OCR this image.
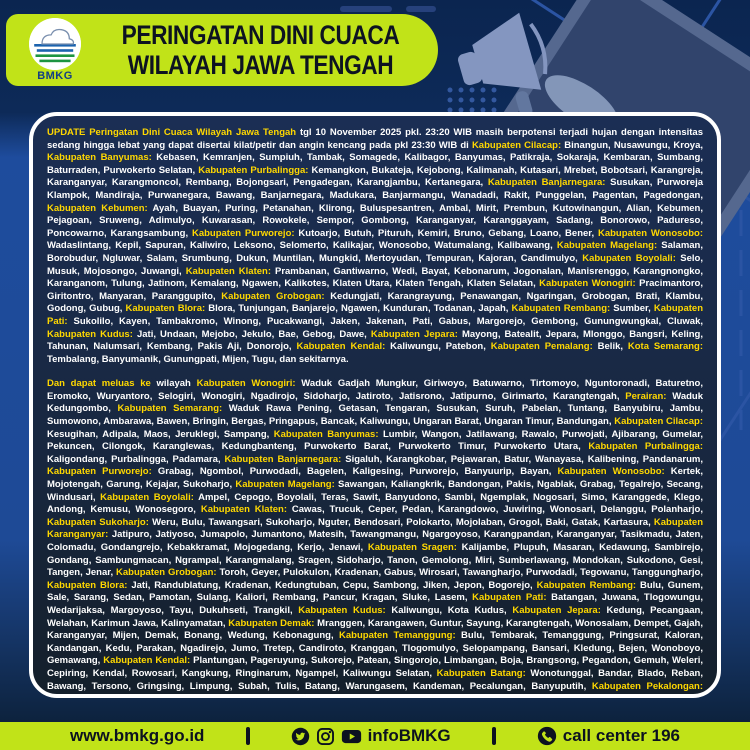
BMKG
PERINGATAN DINI CUACA
WILAYAH JAWA TENGAH

UPDATE Peringatan Dini Cuaca Wilayah Jawa Tengah tgl 10 November 2025 pkl. 23:20 WIB masih berpotensi terjadi hujan dengan intensitas sedang hingga lebat yang dapat disertai kilat/petir dan angin kencang pada pkl 23:30 WIB di Kabupaten Cilacap: Binangun, Nusawungu, Kroya, Kabupaten Banyumas: Kebasen, Kemranjen, Sumpiuh, Tambak, Somagede, Kalibagor, Banyumas, Patikraja, Sokaraja, Kembaran, Sumbang, Baturraden, Purwokerto Selatan, Kabupaten Purbalingga: Kemangkon, Bukateja, Kejobong, Kalimanah, Kutasari, Mrebet, Bobotsari, Karangreja, Karanganyar, Karangmoncol, Rembang, Bojongsari, Pengadegan, Karangjambu, Kertanegara, Kabupaten Banjarnegara: Susukan, Purworeja Klampok, Mandiraja, Purwanegara, Bawang, Banjarnegara, Madukara, Banjarmangu, Wanadadi, Rakit, Punggelan, Pagentan, Pagedongan, Kabupaten Kebumen: Ayah, Buayan, Puring, Petanahan, Klirong, Buluspesantren, Ambal, Mirit, Prembun, Kutowinangun, Alian, Kebumen, Pejagoan, Sruweng, Adimulyo, Kuwarasan, Rowokele, Sempor, Gombong, Karanganyar, Karanggayam, Sadang, Bonorowo, Padureso, Poncowarno, Karangsambung, Kabupaten Purworejo: Kutoarjo, Butuh, Pituruh, Kemiri, Bruno, Gebang, Loano, Bener, Kabupaten Wonosobo: Wadaslintang, Kepil, Sapuran, Kaliwiro, Leksono, Selomerto, Kalikajar, Wonosobo, Watumalang, Kalibawang, Kabupaten Magelang: Salaman, Borobudur, Ngluwar, Salam, Srumbung, Dukun, Muntilan, Mungkid, Mertoyudan, Tempuran, Kajoran, Candimulyo, Kabupaten Boyolali: Selo, Musuk, Mojosongo, Juwangi, Kabupaten Klaten: Prambanan, Gantiwarno, Wedi, Bayat, Kebonarum, Jogonalan, Manisrenggo, Karangnongko, Karanganom, Tulung, Jatinom, Kemalang, Ngawen, Kalikotes, Klaten Utara, Klaten Tengah, Klaten Selatan, Kabupaten Wonogiri: Pracimantoro, Giritontro, Manyaran, Paranggupito, Kabupaten Grobogan: Kedungjati, Karangrayung, Penawangan, Ngaringan, Grobogan, Brati, Klambu, Godong, Gubug, Kabupaten Blora: Blora, Tunjungan, Banjarejo, Ngawen, Kunduran, Todanan, Japah, Kabupaten Rembang: Sumber, Kabupaten Pati: Sukolilo, Kayen, Tambakromo, Winong, Pucakwangi, Jaken, Jakenan, Pati, Gabus, Margorejo, Gembong, Gunungwungkal, Cluwak, Kabupaten Kudus: Jati, Undaan, Mejobo, Jekulo, Bae, Gebog, Dawe, Kabupaten Jepara: Mayong, Batealit, Jepara, Mlonggo, Bangsri, Keling, Tahunan, Nalumsari, Kembang, Pakis Aji, Donorojo, Kabupaten Kendal: Kaliwungu, Patebon, Kabupaten Pemalang: Belik, Kota Semarang: Tembalang, Banyumanik, Gunungpati, Mijen, Tugu, dan sekitarnya.

Dan dapat meluas ke wilayah Kabupaten Wonogiri: Waduk Gadjah Mungkur, Giriwoyo, Batuwarno, Tirtomoyo, Nguntoronadi, Baturetno, Eromoko, Wuryantoro, Selogiri, Wonogiri, Ngadirojo, Sidoharjo, Jatiroto, Jatisrono, Jatipurno, Girimarto, Karangtengah, Perairan: Waduk Kedungombo, Kabupaten Semarang: Waduk Rawa Pening, Getasan, Tengaran, Susukan, Suruh, Pabelan, Tuntang, Banyubiru, Jambu, Sumowono, Ambarawa, Bawen, Bringin, Bergas, Pringapus, Bancak, Kaliwungu, Ungaran Barat, Ungaran Timur, Bandungan, Kabupaten Cilacap: Kesugihan, Adipala, Maos, Jeruklegi, Sampang, Kabupaten Banyumas: Lumbir, Wangon, Jatilawang, Rawalo, Purwojati, Ajibarang, Gumelar, Pekuncen, Cilongok, Karanglewas, Kedungbanteng, Purwokerto Barat, Purwokerto Timur, Purwokerto Utara, Kabupaten Purbalingga: Kaligondang, Purbalingga, Padamara, Kabupaten Banjarnegara: Sigaluh, Karangkobar, Pejawaran, Batur, Wanayasa, Kalibening, Pandanarum, Kabupaten Purworejo: Grabag, Ngombol, Purwodadi, Bagelen, Kaligesing, Purworejo, Banyuurip, Bayan, Kabupaten Wonosobo: Kertek, Mojotengah, Garung, Kejajar, Sukoharjo, Kabupaten Magelang: Sawangan, Kaliangkrik, Bandongan, Pakis, Ngablak, Grabag, Tegalrejo, Secang, Windusari, Kabupaten Boyolali: Ampel, Cepogo, Boyolali, Teras, Sawit, Banyudono, Sambi, Ngemplak, Nogosari, Simo, Karanggede, Klego, Andong, Kemusu, Wonosegoro, Kabupaten Klaten: Cawas, Trucuk, Ceper, Pedan, Karangdowo, Juwiring, Wonosari, Delanggu, Polanharjo, Kabupaten Sukoharjo: Weru, Bulu, Tawangsari, Sukoharjo, Nguter, Bendosari, Polokarto, Mojolaban, Grogol, Baki, Gatak, Kartasura, Kabupaten Karanganyar: Jatipuro, Jatiyoso, Jumapolo, Jumantono, Matesih, Tawangmangu, Ngargoyoso, Karangpandan, Karanganyar, Tasikmadu, Jaten, Colomadu, Gondangrejo, Kebakkramat, Mojogedang, Kerjo, Jenawi, Kabupaten Sragen: Kalijambe, Plupuh, Masaran, Kedawung, Sambirejo, Gondang, Sambungmacan, Ngrampal, Karangmalang, Sragen, Sidoharjo, Tanon, Gemolong, Miri, Sumberlawang, Mondokan, Sukodono, Gesi, Tangen, Jenar, Kabupaten Grobogan: Toroh, Geyer, Pulokulon, Kradenan, Gabus, Wirosari, Tawangharjo, Purwodadi, Tegowanu, Tanggungharjo, Kabupaten Blora: Jati, Randublatung, Kradenan, Kedungtuban, Cepu, Sambong, Jiken, Jepon, Bogorejo, Kabupaten Rembang: Bulu, Gunem, Sale, Sarang, Sedan, Pamotan, Sulang, Kaliori, Rembang, Pancur, Kragan, Sluke, Lasem, Kabupaten Pati: Batangan, Juwana, Tlogowungu, Wedarijaksa, Margoyoso, Tayu, Dukuhseti, Trangkil, Kabupaten Kudus: Kaliwungu, Kota Kudus, Kabupaten Jepara: Kedung, Pecangaan, Welahan, Karimun Jawa, Kalinyamatan, Kabupaten Demak: Mranggen, Karangawen, Guntur, Sayung, Karangtengah, Wonosalam, Dempet, Gajah, Karanganyar, Mijen, Demak, Bonang, Wedung, Kebonagung, Kabupaten Temanggung: Bulu, Tembarak, Temanggung, Pringsurat, Kaloran, Kandangan, Kedu, Parakan, Ngadirejo, Jumo, Tretep, Candiroto, Kranggan, Tlogomulyo, Selopampang, Bansari, Kledung, Bejen, Wonoboyo, Gemawang, Kabupaten Kendal: Plantungan, Pageruyung, Sukorejo, Patean, Singorojo, Limbangan, Boja, Brangsong, Pegandon, Gemuh, Weleri, Cepiring, Kendal, Rowosari, Kangkung, Ringinarum, Ngampel, Kaliwungu Selatan, Kabupaten Batang: Wonotunggal, Bandar, Blado, Reban, Bawang, Tersono, Gringsing, Limpung, Subah, Tulis, Batang, Warungasem, Kandeman, Pecalungan, Banyuputih, Kabupaten Pekalongan:

www.bmkg.go.id	infoBMKG	call center 196
